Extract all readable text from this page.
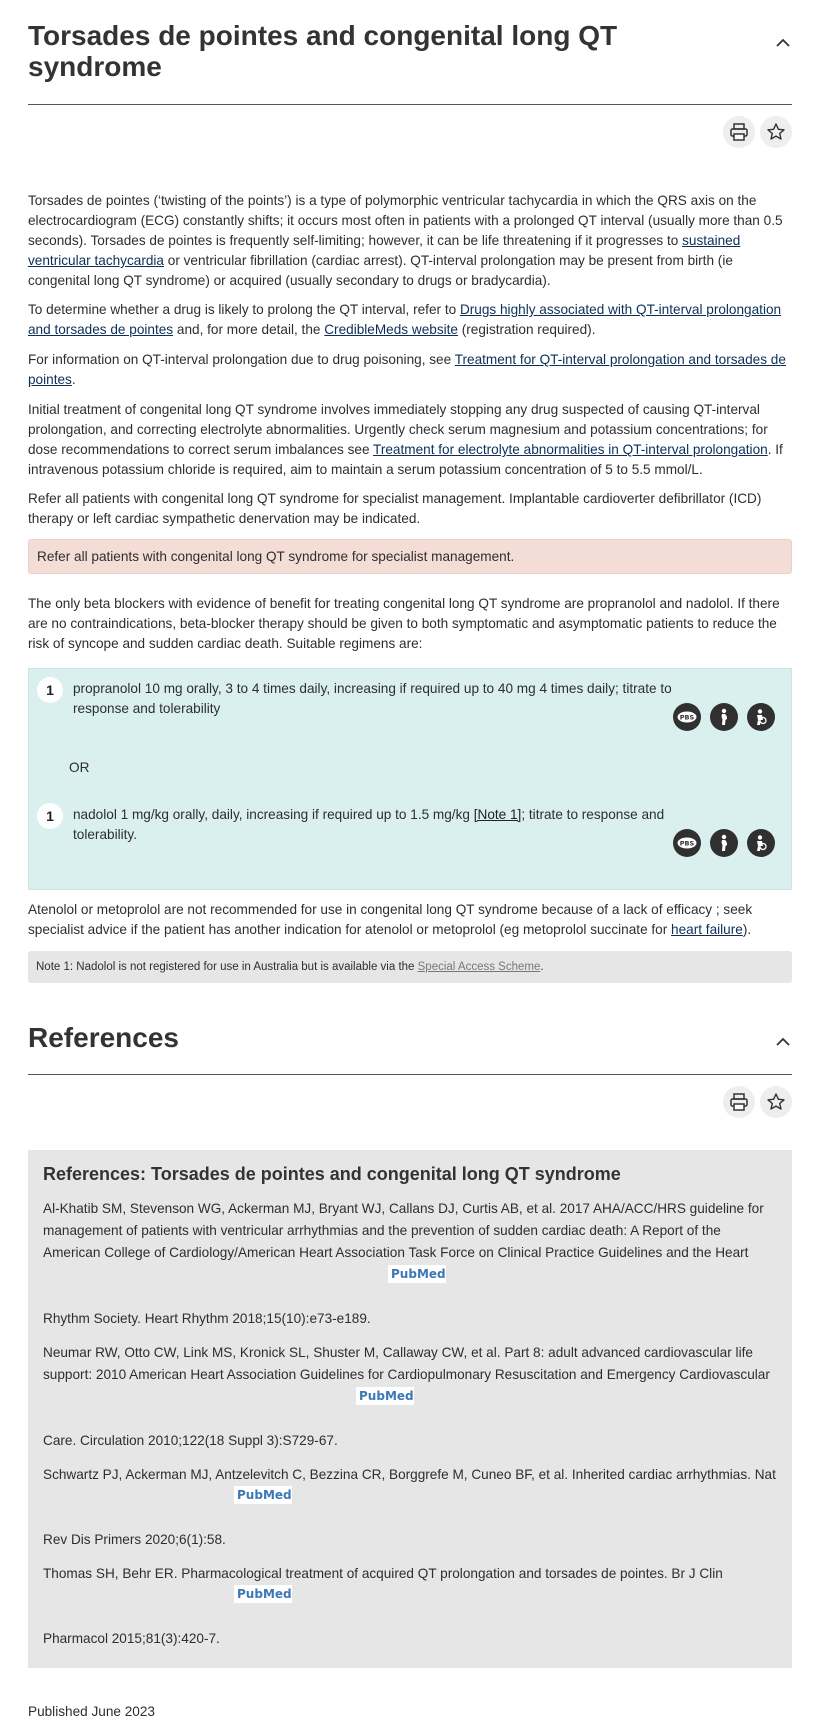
Torsades de pointes and congenital long QT syndrome

Torsades de pointes (‘twisting of the points’) is a type of polymorphic ventricular tachycardia in which the QRS axis on the electrocardiogram (ECG) constantly shifts; it occurs most often in patients with a prolonged QT interval (usually more than 0.5 seconds). Torsades de pointes is frequently self-limiting; however, it can be life threatening if it progresses to sustained ventricular tachycardia or ventricular fibrillation (cardiac arrest). QT-interval prolongation may be present from birth (ie congenital long QT syndrome) or acquired (usually secondary to drugs or bradycardia).

To determine whether a drug is likely to prolong the QT interval, refer to Drugs highly associated with QT-interval prolongation and torsades de pointes and, for more detail, the CredibleMeds website (registration required).

For information on QT-interval prolongation due to drug poisoning, see Treatment for QT-interval prolongation and torsades de pointes.

Initial treatment of congenital long QT syndrome involves immediately stopping any drug suspected of causing QT-interval prolongation, and correcting electrolyte abnormalities. Urgently check serum magnesium and potassium concentrations; for dose recommendations to correct serum imbalances see Treatment for electrolyte abnormalities in QT-interval prolongation. If intravenous potassium chloride is required, aim to maintain a serum potassium concentration of 5 to 5.5 mmol/L.

Refer all patients with congenital long QT syndrome for specialist management. Implantable cardioverter defibrillator (ICD) therapy or left cardiac sympathetic denervation may be indicated.

Refer all patients with congenital long QT syndrome for specialist management.

The only beta blockers with evidence of benefit for treating congenital long QT syndrome are propranolol and nadolol. If there are no contraindications, beta-blocker therapy should be given to both symptomatic and asymptomatic patients to reduce the risk of syncope and sudden cardiac death. Suitable regimens are:

1	propranolol 10 mg orally, 3 to 4 times daily, increasing if required up to 40 mg 4 times daily; titrate to response and tolerability
PBS
OR
1	nadolol 1 mg/kg orally, daily, increasing if required up to 1.5 mg/kg [Note 1]; titrate to response and tolerability.
PBS

Atenolol or metoprolol are not recommended for use in congenital long QT syndrome because of a lack of efficacy ; seek specialist advice if the patient has another indication for atenolol or metoprolol (eg metoprolol succinate for heart failure).

Note 1: Nadolol is not registered for use in Australia but is available via the Special Access Scheme.
References
References: Torsades de pointes and congenital long QT syndrome
Al-Khatib SM, Stevenson WG, Ackerman MJ, Bryant WJ, Callans DJ, Curtis AB, et al. 2017 AHA/ACC/HRS guideline for management of patients with ventricular arrhythmias and the prevention of sudden cardiac death: A Report of the American College of Cardiology/American Heart Association Task Force on Clinical Practice Guidelines and the Heart
PubMed
Rhythm Society. Heart Rhythm 2018;15(10):e73-e189.
Neumar RW, Otto CW, Link MS, Kronick SL, Shuster M, Callaway CW, et al. Part 8: adult advanced cardiovascular life support: 2010 American Heart Association Guidelines for Cardiopulmonary Resuscitation and Emergency Cardiovascular
PubMed
Care. Circulation 2010;122(18 Suppl 3):S729-67.
Schwartz PJ, Ackerman MJ, Antzelevitch C, Bezzina CR, Borggrefe M, Cuneo BF, et al. Inherited cardiac arrhythmias. Nat
PubMed
Rev Dis Primers 2020;6(1):58.
Thomas SH, Behr ER. Pharmacological treatment of acquired QT prolongation and torsades de pointes. Br J Clin
PubMed
Pharmacol 2015;81(3):420-7.
Published June 2023
